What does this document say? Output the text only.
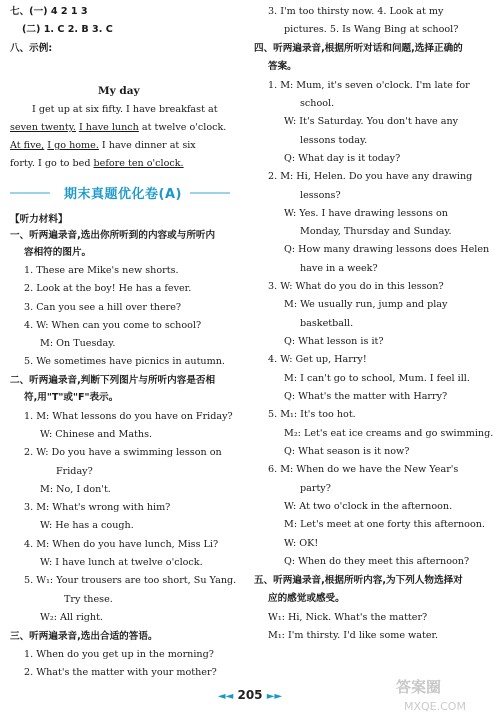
七、(一) 4 2 1 3
(二) 1. C 2. B 3. C
八、示例:
My day
I get up at six fifty. I have breakfast at
seven twenty. I have lunch at twelve o'clock.
At five, I go home. I have dinner at six
forty. I go to bed before ten o'clock.
期末真题优化卷(A)
【听力材料】
一、听两遍录音,选出你所听到的内容或与所听内
容相符的图片。
1. These are Mike's new shorts.
2. Look at the boy! He has a fever.
3. Can you see a hill over there?
4. W: When can you come to school?
M: On Tuesday.
5. We sometimes have picnics in autumn.
二、听两遍录音,判断下列图片与所听内容是否相
符,用"T"或"F"表示。
1. M: What lessons do you have on Friday?
W: Chinese and Maths.
2. W: Do you have a swimming lesson on
Friday?
M: No, I don't.
3. M: What's wrong with him?
W: He has a cough.
4. M: When do you have lunch, Miss Li?
W: I have lunch at twelve o'clock.
5. W₁: Your trousers are too short, Su Yang.
Try these.
W₂: All right.
三、听两遍录音,选出合适的答语。
1. When do you get up in the morning?
2. What's the matter with your mother?
3. I'm too thirsty now. 4. Look at my
pictures. 5. Is Wang Bing at school?
四、听两遍录音,根据所听对话和问题,选择正确的
答案。
1. M: Mum, it's seven o'clock. I'm late for
school.
W: It's Saturday. You don't have any
lessons today.
Q: What day is it today?
2. M: Hi, Helen. Do you have any drawing
lessons?
W: Yes. I have drawing lessons on
Monday, Thursday and Sunday.
Q: How many drawing lessons does Helen
have in a week?
3. W: What do you do in this lesson?
M: We usually run, jump and play
basketball.
Q: What lesson is it?
4. W: Get up, Harry!
M: I can't go to school, Mum. I feel ill.
Q: What's the matter with Harry?
5. M₁: It's too hot.
M₂: Let's eat ice creams and go swimming.
Q: What season is it now?
6. M: When do we have the New Year's
party?
W: At two o'clock in the afternoon.
M: Let's meet at one forty this afternoon.
W: OK!
Q: When do they meet this afternoon?
五、听两遍录音,根据所听内容,为下列人物选择对
应的感觉或感受。
W₁: Hi, Nick. What's the matter?
M₁: I'm thirsty. I'd like some water.
◄◄ 205 ►►
答案圈
MXQE.COM
